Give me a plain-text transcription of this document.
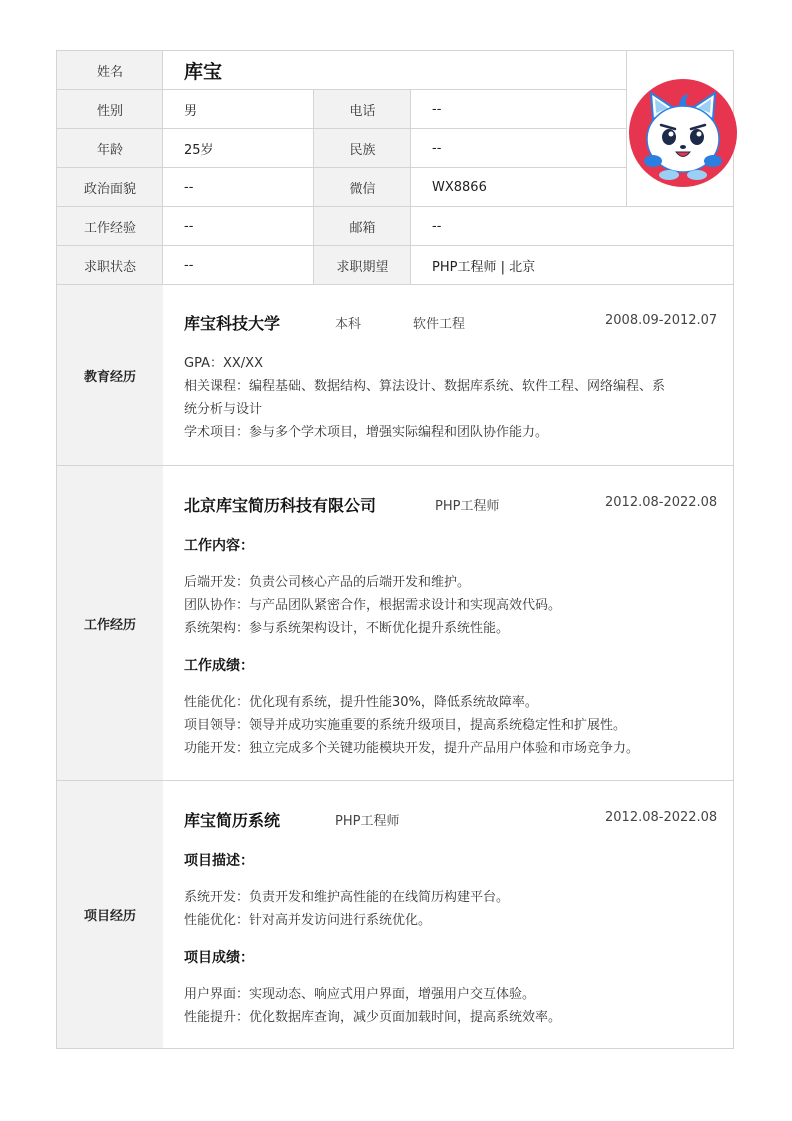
姓名	库宝
性别	男	电话	--
年龄	25岁	民族	--
政治面貌	--	微信	WX8866
工作经验	--	邮箱	--
求职状态	--	求职期望	PHP工程师 | 北京
教育经历
库宝科技大学	本科	软件工程	2008.09-2012.07
GPA：XX/XX
相关课程：编程基础、数据结构、算法设计、数据库系统、软件工程、网络编程、系
统分析与设计
学术项目：参与多个学术项目，增强实际编程和团队协作能力。
工作经历
北京库宝简历科技有限公司	PHP工程师	2012.08-2022.08
工作内容：
后端开发：负责公司核心产品的后端开发和维护。
团队协作：与产品团队紧密合作，根据需求设计和实现高效代码。
系统架构：参与系统架构设计，不断优化提升系统性能。
工作成绩：
性能优化：优化现有系统，提升性能30%，降低系统故障率。
项目领导：领导并成功实施重要的系统升级项目，提高系统稳定性和扩展性。
功能开发：独立完成多个关键功能模块开发，提升产品用户体验和市场竞争力。
项目经历
库宝简历系统	PHP工程师	2012.08-2022.08
项目描述：
系统开发：负责开发和维护高性能的在线简历构建平台。
性能优化：针对高并发访问进行系统优化。
项目成绩：
用户界面：实现动态、响应式用户界面，增强用户交互体验。
性能提升：优化数据库查询，减少页面加载时间，提高系统效率。
